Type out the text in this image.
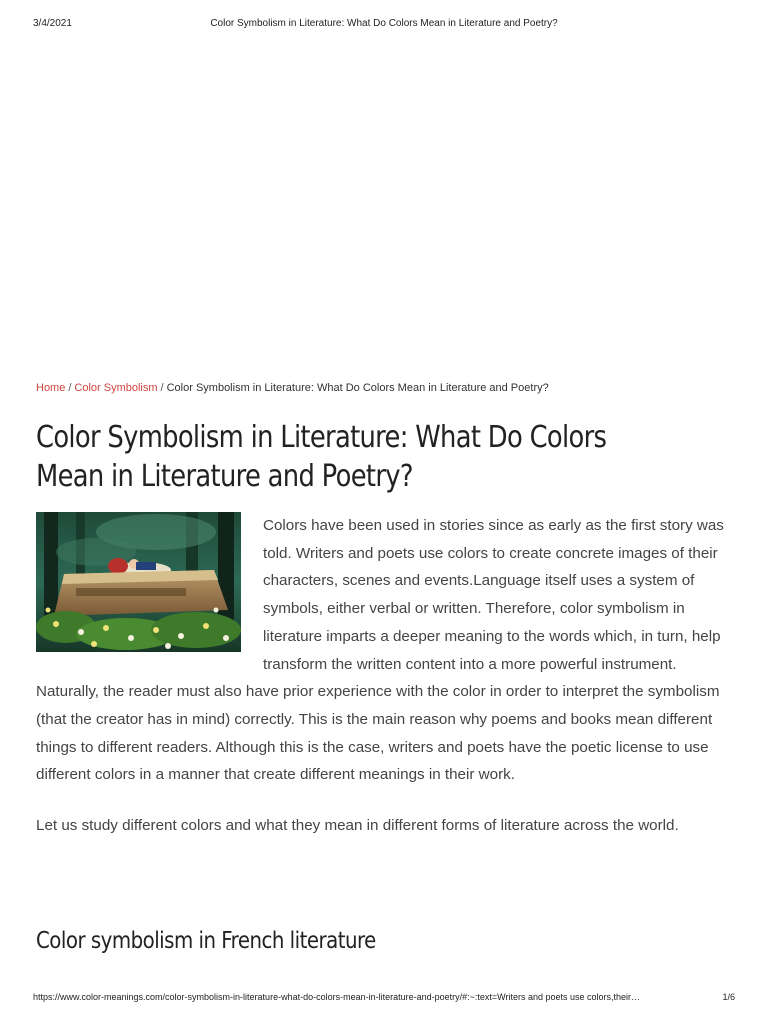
3/4/2021	Color Symbolism in Literature: What Do Colors Mean in Literature and Poetry?
Home / Color Symbolism / Color Symbolism in Literature: What Do Colors Mean in Literature and Poetry?
Color Symbolism in Literature: What Do Colors Mean in Literature and Poetry?

Colors have been used in stories since as early as the first story was told. Writers and poets use colors to create concrete images of their characters, scenes and events.Language itself uses a system of symbols, either verbal or written. Therefore, color symbolism in literature imparts a deeper meaning to the words which, in turn, help transform the written content into a more powerful instrument. Naturally, the reader must also have prior experience with the color in order to interpret the symbolism (that the creator has in mind) correctly. This is the main reason why poems and books mean different things to different readers. Although this is the case, writers and poets have the poetic license to use different colors in a manner that create different meanings in their work.

Let us study different colors and what they mean in different forms of literature across the world.

Color symbolism in French literature
https://www.color-meanings.com/color-symbolism-in-literature-what-do-colors-mean-in-literature-and-poetry/#:~:text=Writers and poets use colors,their…	1/6
